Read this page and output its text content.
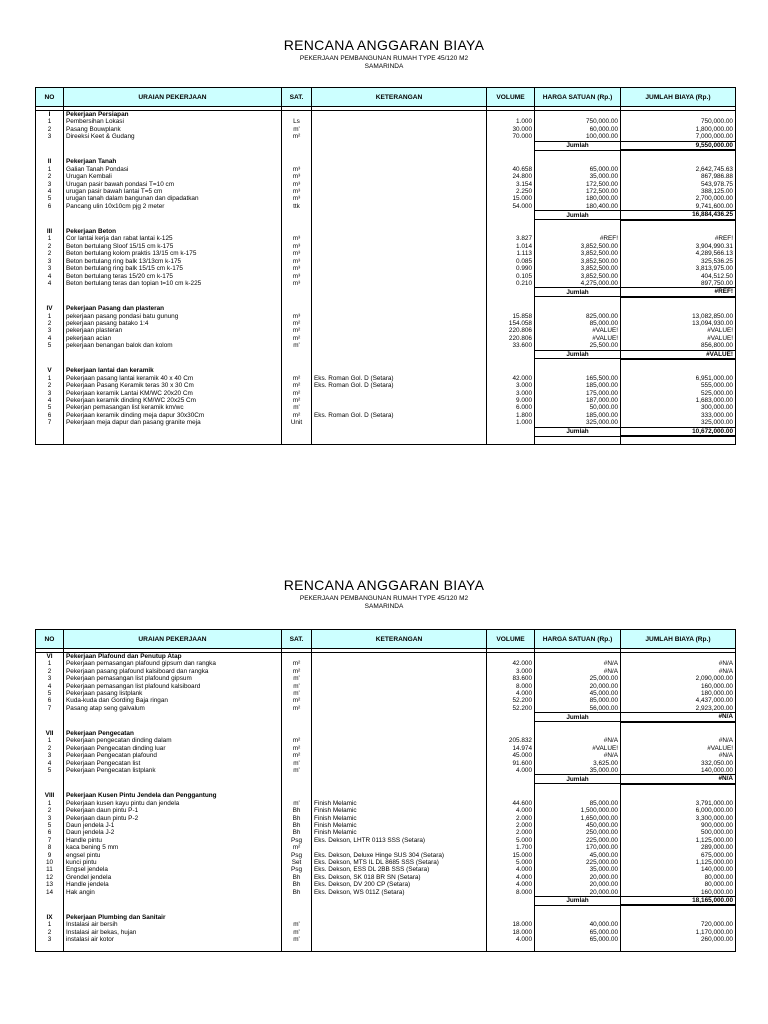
RENCANA ANGGARAN BIAYA
PEKERJAAN PEMBANGUNAN RUMAH TYPE 45/120 M2
SAMARINDA
NO	URAIAN PEKERJAAN	SAT.	KETERANGAN	VOLUME	HARGA SATUAN (Rp.)	JUMLAH BIAYA (Rp.)

I	Pekerjaan Persiapan					
1	Pembersihan Lokasi	Ls		1.000	750,000.00	750,000.00
2	Pasang Bouwplank	m'		30.000	60,000.00	1,800,000.00
3	Direeksi Keet & Gudang	m²		70.000	100,000.00	7,000,000.00
					Jumlah	9,550,000.00

II	Pekerjaan Tanah					
1	Galian Tanah Pondasi	m³		40.658	65,000.00	2,642,745.63
2	Urugan Kembali	m³		24.800	35,000.00	867,986.88
3	Urugan pasir bawah pondasi T=10 cm	m³		3.154	172,500.00	543,978.75
4	urugan pasir bawah lantai T=5 cm	m³		2.250	172,500.00	388,125.00
5	urugan tanah dalam bangunan dan dipadatkan	m³		15.000	180,000.00	2,700,000.00
6	Pancang ulin 10x10cm pjg 2 meter	ttk		54.000	180,400.00	9,741,600.00
					Jumlah	16,884,436.25

III	Pekerjaan Beton					
1	Cor lantai kerja dan rabat lantai k-125	m³		3.827	#REF!	#REF!
2	Beton bertulang Sloof 15/15 cm k-175	m³		1.014	3,852,500.00	3,904,990.31
2	Beton bertulang kolom praktis 13/15 cm k-175	m³		1.113	3,852,500.00	4,289,566.13
3	Beton bertulang ring balk 13/13cm k-175	m³		0.085	3,852,500.00	325,536.25
3	Beton bertulang ring balk 15/15 cm k-175	m³		0.990	3,852,500.00	3,813,975.00
4	Beton bertulang teras 15/20 cm k-175	m³		0.105	3,852,500.00	404,512.50
4	Beton bertulang teras dan topian t=10 cm k-225	m³		0.210	4,275,000.00	897,750.00
					Jumlah	#REF!

IV	Pekerjaan Pasang dan plasteran					
1	pekerjaan pasang pondasi batu gunung	m³		15.858	825,000.00	13,082,850.00
2	pekerjaan pasang batako 1:4	m²		154.058	85,000.00	13,094,930.00
3	pekerjaan plasteran	m²		220.806	#VALUE!	#VALUE!
4	pekerjaan acian	m²		220.806	#VALUE!	#VALUE!
5	pekerjaan benangan balok dan kolom	m'		33.600	25,500.00	856,800.00
					Jumlah	#VALUE!

V	Pekerjaan lantai dan keramik					
1	Pekerjaan pasang lantai keramik 40 x 40 Cm	m²	Eks. Roman Gol. D (Setara)	42.000	165,500.00	6,951,000.00
2	Pekerjaan Pasang Keramik teras 30 x 30 Cm	m²	Eks. Roman Gol. D (Setara)	3.000	185,000.00	555,000.00
3	Pekerjaan keramik Lantai KM/WC 20x20 Cm	m²		3.000	175,000.00	525,000.00
4	Pekerjaan keramik dinding KM/WC 20x25 Cm	m²		9.000	187,000.00	1,683,000.00
5	Pekerjan pemasangan list keramik km/wc	m'		6.000	50,000.00	300,000.00
6	Pekerjaan keramik dinding meja dapur 30x30Cm	m²	Eks. Roman Gol. D (Setara)	1.800	185,000.00	333,000.00
7	Pekerjaan meja dapur dan pasang granite meja	Unit		1.000	325,000.00	325,000.00
					Jumlah	10,672,000.00

RENCANA ANGGARAN BIAYA
PEKERJAAN PEMBANGUNAN RUMAH TYPE 45/120 M2
SAMARINDA
NO	URAIAN PEKERJAAN	SAT.	KETERANGAN	VOLUME	HARGA SATUAN (Rp.)	JUMLAH BIAYA (Rp.)

VI	Pekerjaan Plafound dan Penutup Atap					
1	Pekerjaan pemasangan plafound gipsum dan rangka	m²		42.000	#N/A	#N/A
2	Pekerjaan pasang plafound kalsiboard dan rangka	m²		3.000	#N/A	#N/A
3	Pekerjaan pemasangan list plafound gipsum	m'		83.600	25,000.00	2,090,000.00
4	Pekerjaan pemasangan list plafound kalsiboard	m'		8.000	20,000.00	160,000.00
5	Pekerjaan pasang listplank	m'		4.000	45,000.00	180,000.00
6	Kuda-kuda dan Gording Baja ringan	m²		52.200	85,000.00	4,437,000.00
7	Pasang atap seng galvalum	m²		52.200	56,000.00	2,923,200.00
					Jumlah	#N/A

VII	Pekerjaan Pengecatan					
1	Pekerjaan pengecatan dinding dalam	m²		205.832	#N/A	#N/A
2	Pekerjaan Pengecatan dinding luar	m²		14.974	#VALUE!	#VALUE!
3	Pekerjaan Pengecatan plafound	m²		45.000	#N/A	#N/A
4	Pekerjaan Pengecatan list	m'		91.600	3,625.00	332,050.00
5	Pekerjaan Pengecatan listplank	m'		4.000	35,000.00	140,000.00
					Jumlah	#N/A

VIII	Pekerjaan Kusen Pintu Jendela dan Penggantung					
1	Pekerjaan kusen kayu pintu dan jendela	m'	Finish Melamic	44.600	85,000.00	3,791,000.00
2	Pekerjaan daun pintu P-1	Bh	Finish Melamic	4.000	1,500,000.00	6,000,000.00
3	Pekerjaan daun pintu P-2	Bh	Finish Melamic	2.000	1,650,000.00	3,300,000.00
5	Daun jendela J-1	Bh	Finish Melamic	2.000	450,000.00	900,000.00
6	Daun jendela J-2	Bh	Finish Melamic	2.000	250,000.00	500,000.00
7	Handle pintu	Psg	Eks. Dekson, LHTR 0113 SSS (Setara)	5.000	225,000.00	1,125,000.00
8	kaca bening 5 mm	m²		1.700	170,000.00	289,000.00
9	engsel pintu	Psg	Eks. Dekson, Deluxe Hinge SUS 304 (Setara)	15.000	45,000.00	675,000.00
10	kunci pintu	Set	Eks. Dekson, MTS IL DL 8685 SSS (Setara)	5.000	225,000.00	1,125,000.00
11	Engsel jendela	Psg	Eks. Dekson, ESS DL 2BB SSS (Setara)	4.000	35,000.00	140,000.00
12	Grendel jendela	Bh	Eks. Dekson, SK 018 BR SN (Setara)	4.000	20,000.00	80,000.00
13	Handle jendela	Bh	Eks. Dekson, DV 200 CP (Setara)	4.000	20,000.00	80,000.00
14	Hak angin	Bh	Eks. Dekson, WS 011Z (Setara)	8.000	20,000.00	160,000.00
					Jumlah	18,165,000.00

IX	Pekerjaan Plumbing dan Sanitair					
1	Instalasi air bersih	m'		18.000	40,000.00	720,000.00
2	Instalasi air bekas, hujan	m'		18.000	65,000.00	1,170,000.00
3	instalasi air kotor	m'		4.000	65,000.00	260,000.00
